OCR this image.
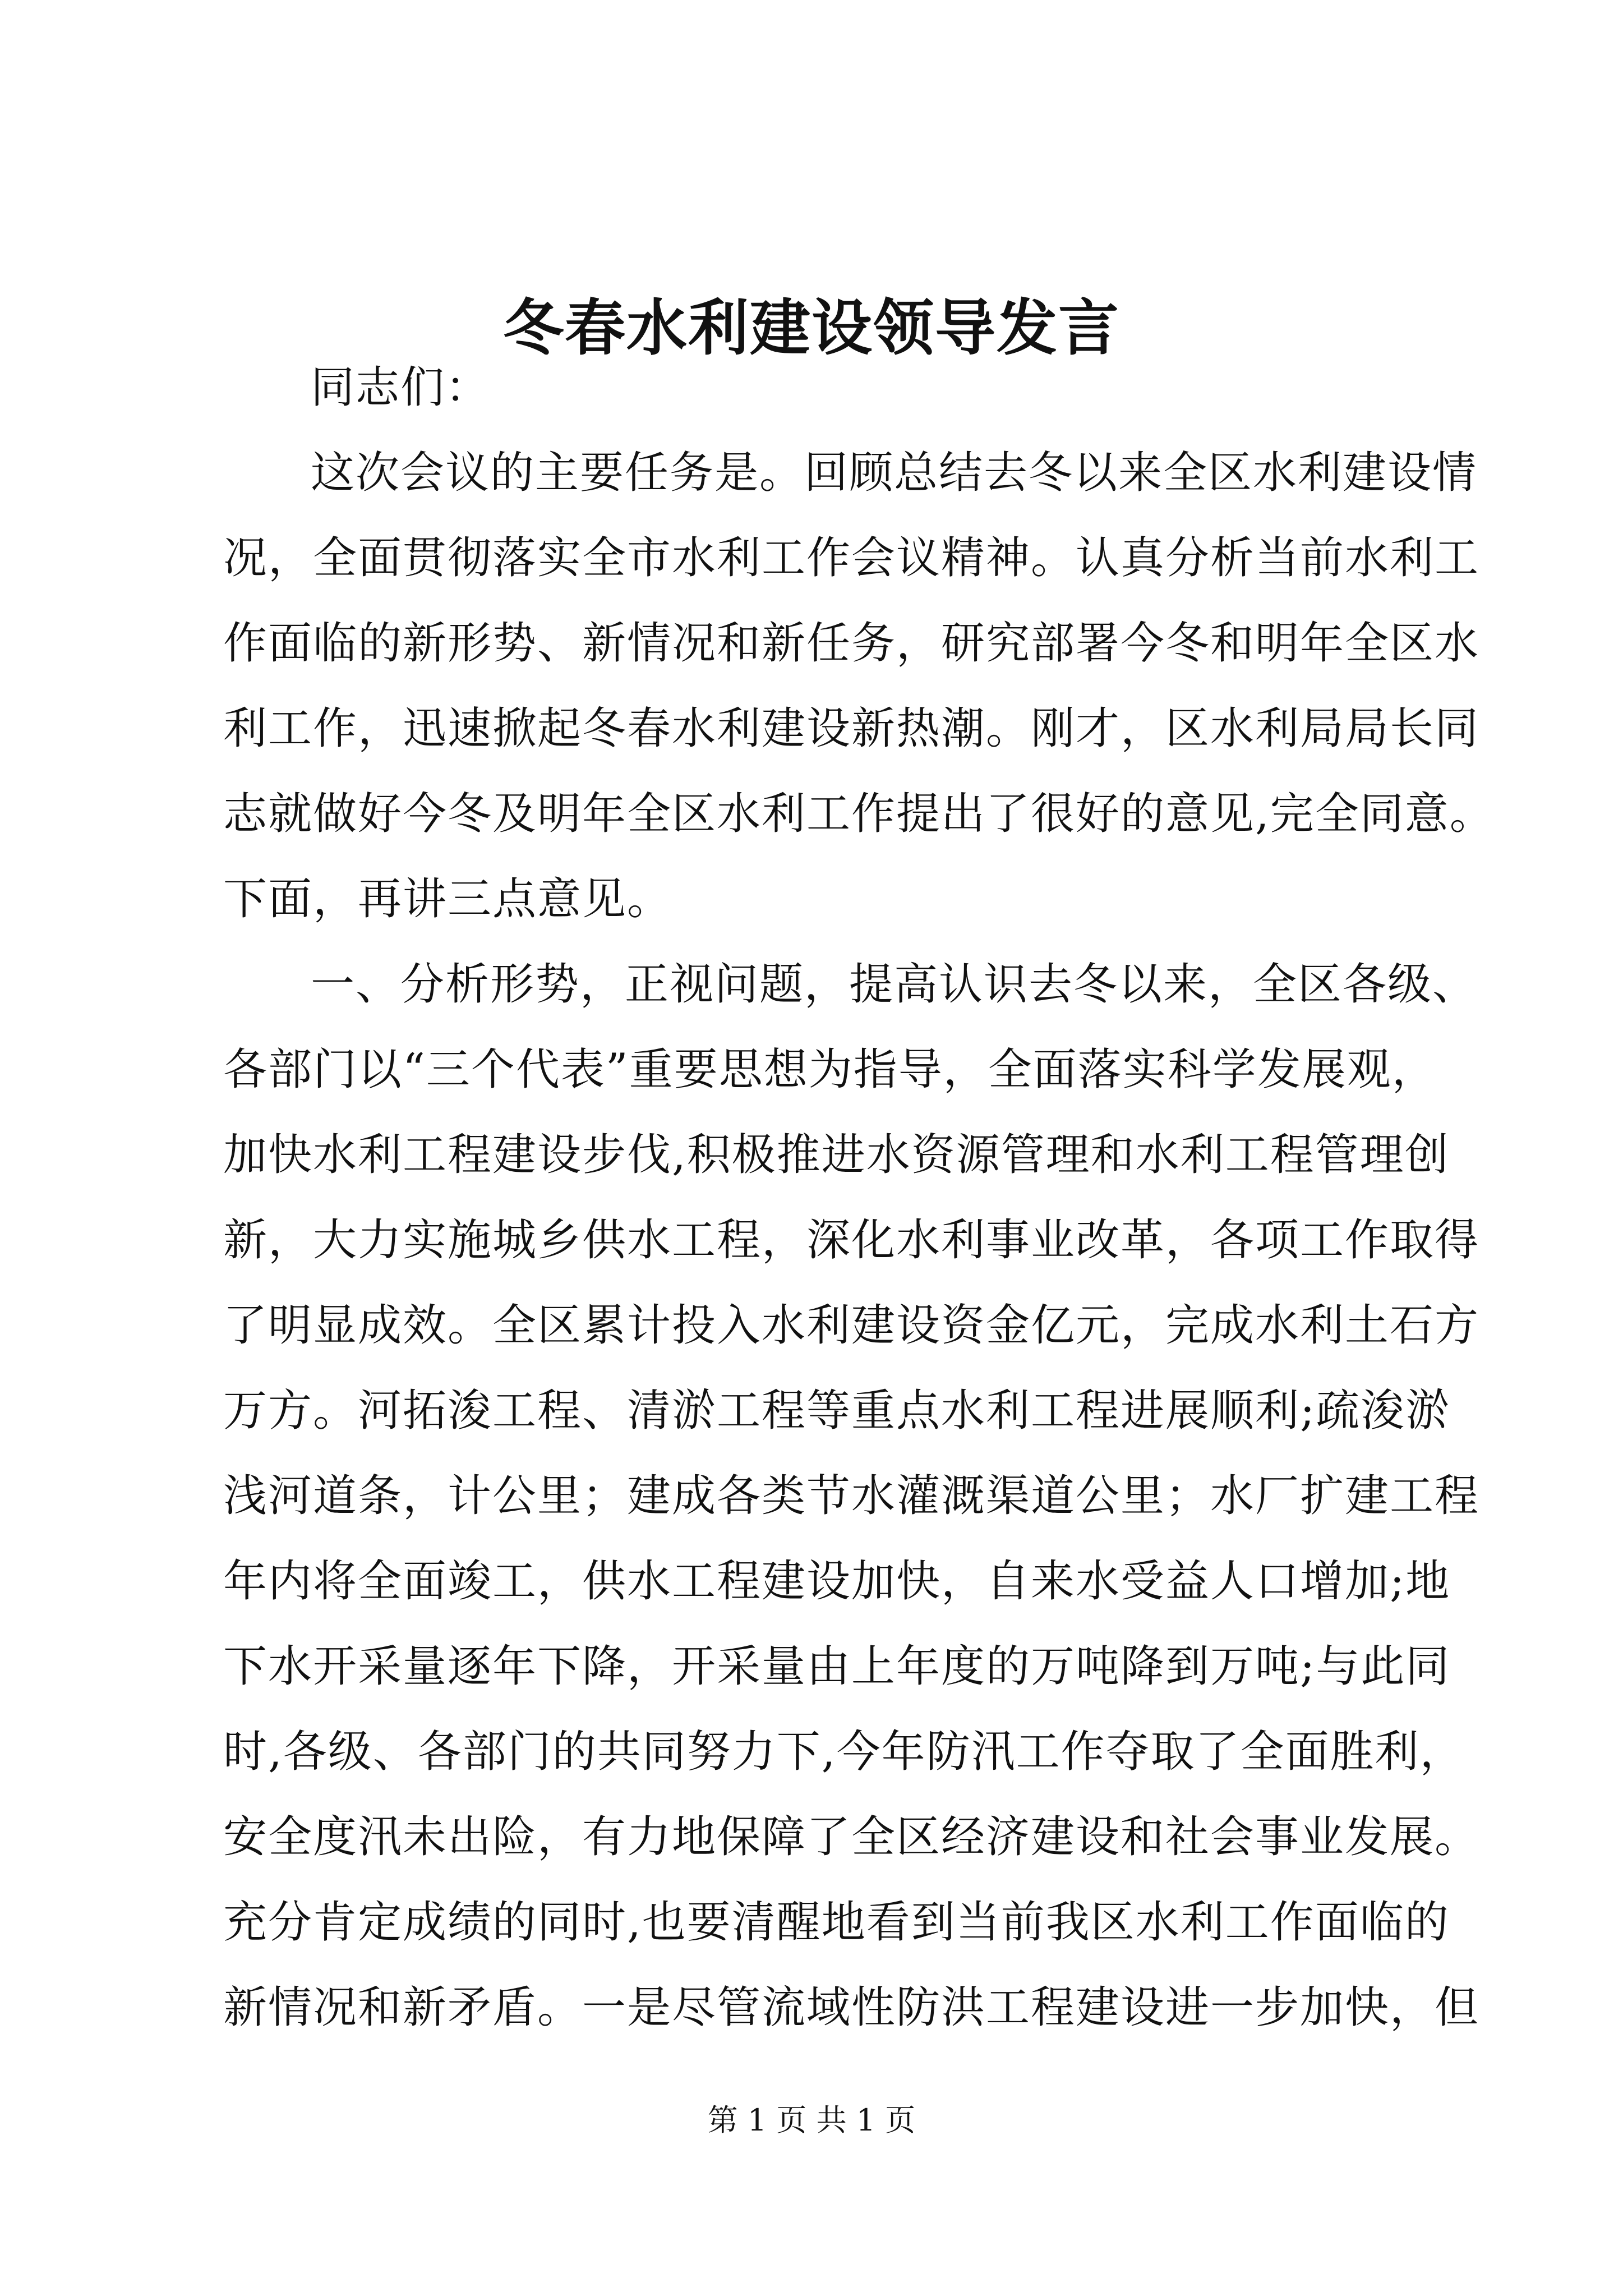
冬春水利建设领导发言
同志们：
这次会议的主要任务是。回顾总结去冬以来全区水利建设情
况，全面贯彻落实全市水利工作会议精神。认真分析当前水利工
作面临的新形势、新情况和新任务，研究部署今冬和明年全区水
利工作，迅速掀起冬春水利建设新热潮。刚才，区水利局局长同
志就做好今冬及明年全区水利工作提出了很好的意见,完全同意。
下面，再讲三点意见。
一、分析形势，正视问题，提高认识去冬以来，全区各级、
各部门以“三个代表”重要思想为指导，全面落实科学发展观，
加快水利工程建设步伐,积极推进水资源管理和水利工程管理创
新，大力实施城乡供水工程，深化水利事业改革，各项工作取得
了明显成效。全区累计投入水利建设资金亿元，完成水利土石方
万方。河拓浚工程、清淤工程等重点水利工程进展顺利;疏浚淤
浅河道条，计公里；建成各类节水灌溉渠道公里；水厂扩建工程
年内将全面竣工，供水工程建设加快，自来水受益人口增加;地
下水开采量逐年下降，开采量由上年度的万吨降到万吨;与此同
时,各级、各部门的共同努力下,今年防汛工作夺取了全面胜利，
安全度汛未出险，有力地保障了全区经济建设和社会事业发展。
充分肯定成绩的同时,也要清醒地看到当前我区水利工作面临的
新情况和新矛盾。一是尽管流域性防洪工程建设进一步加快，但
第 1 页 共 1 页
